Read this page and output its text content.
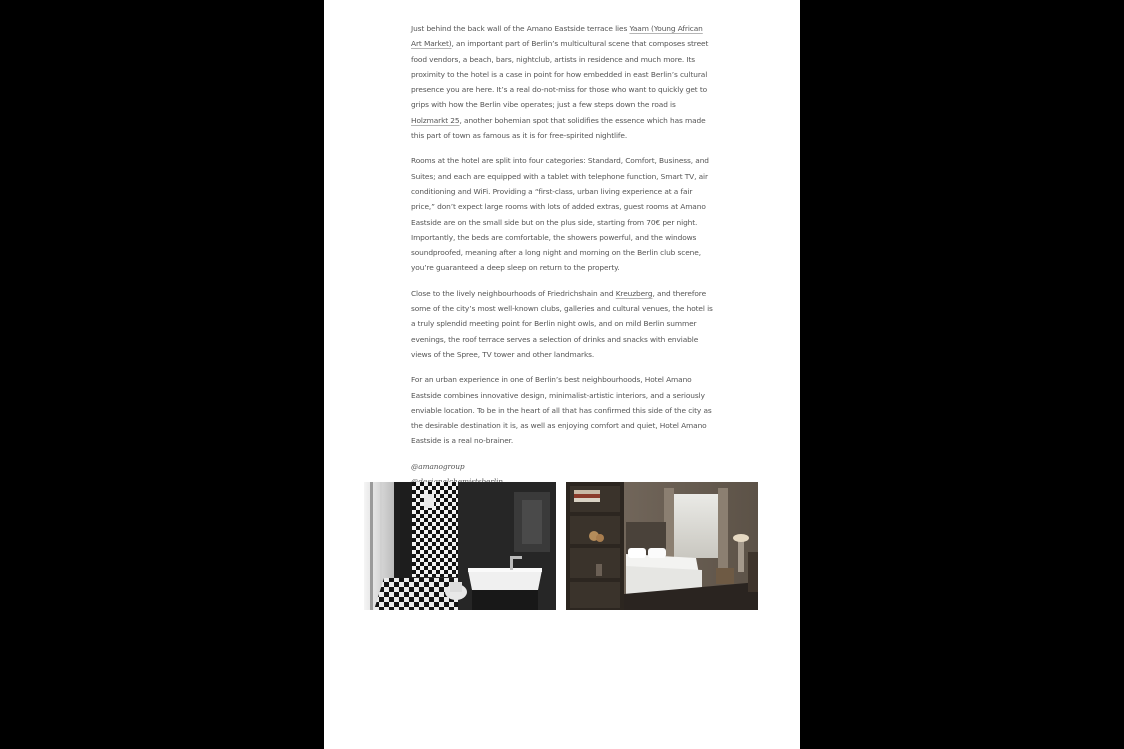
Just behind the back wall of the Amano Eastside terrace lies Yaam (Young African Art Market), an important part of Berlin’s multicultural scene that composes street food vendors, a beach, bars, nightclub, artists in residence and much more. Its proximity to the hotel is a case in point for how embedded in east Berlin’s cultural presence you are here. It’s a real do-not-miss for those who want to quickly get to grips with how the Berlin vibe operates; just a few steps down the road is Holzmarkt 25, another bohemian spot that solidifies the essence which has made this part of town as famous as it is for free-spirited nightlife.

Rooms at the hotel are split into four categories: Standard, Comfort, Business, and Suites; and each are equipped with a tablet with telephone function, Smart TV, air conditioning and WiFi. Providing a “first-class, urban living experience at a fair price,” don’t expect large rooms with lots of added extras, guest rooms at Amano Eastside are on the small side but on the plus side, starting from 70€ per night. Importantly, the beds are comfortable, the showers powerful, and the windows soundproofed, meaning after a long night and morning on the Berlin club scene, you’re guaranteed a deep sleep on return to the property.

Close to the lively neighbourhoods of Friedrichshain and Kreuzberg, and therefore some of the city’s most well-known clubs, galleries and cultural venues, the hotel is a truly splendid meeting point for Berlin night owls, and on mild Berlin summer evenings, the roof terrace serves a selection of drinks and snacks with enviable views of the Spree, TV tower and other landmarks.

For an urban experience in one of Berlin’s best neighbourhoods, Hotel Amano Eastside combines innovative design, minimalist-artistic interiors, and a seriously enviable location. To be in the heart of all that has confirmed this side of the city as the desirable destination it is, as well as enjoying comfort and quiet, Hotel Amano Eastside is a real no-brainer.

@amanogroup
